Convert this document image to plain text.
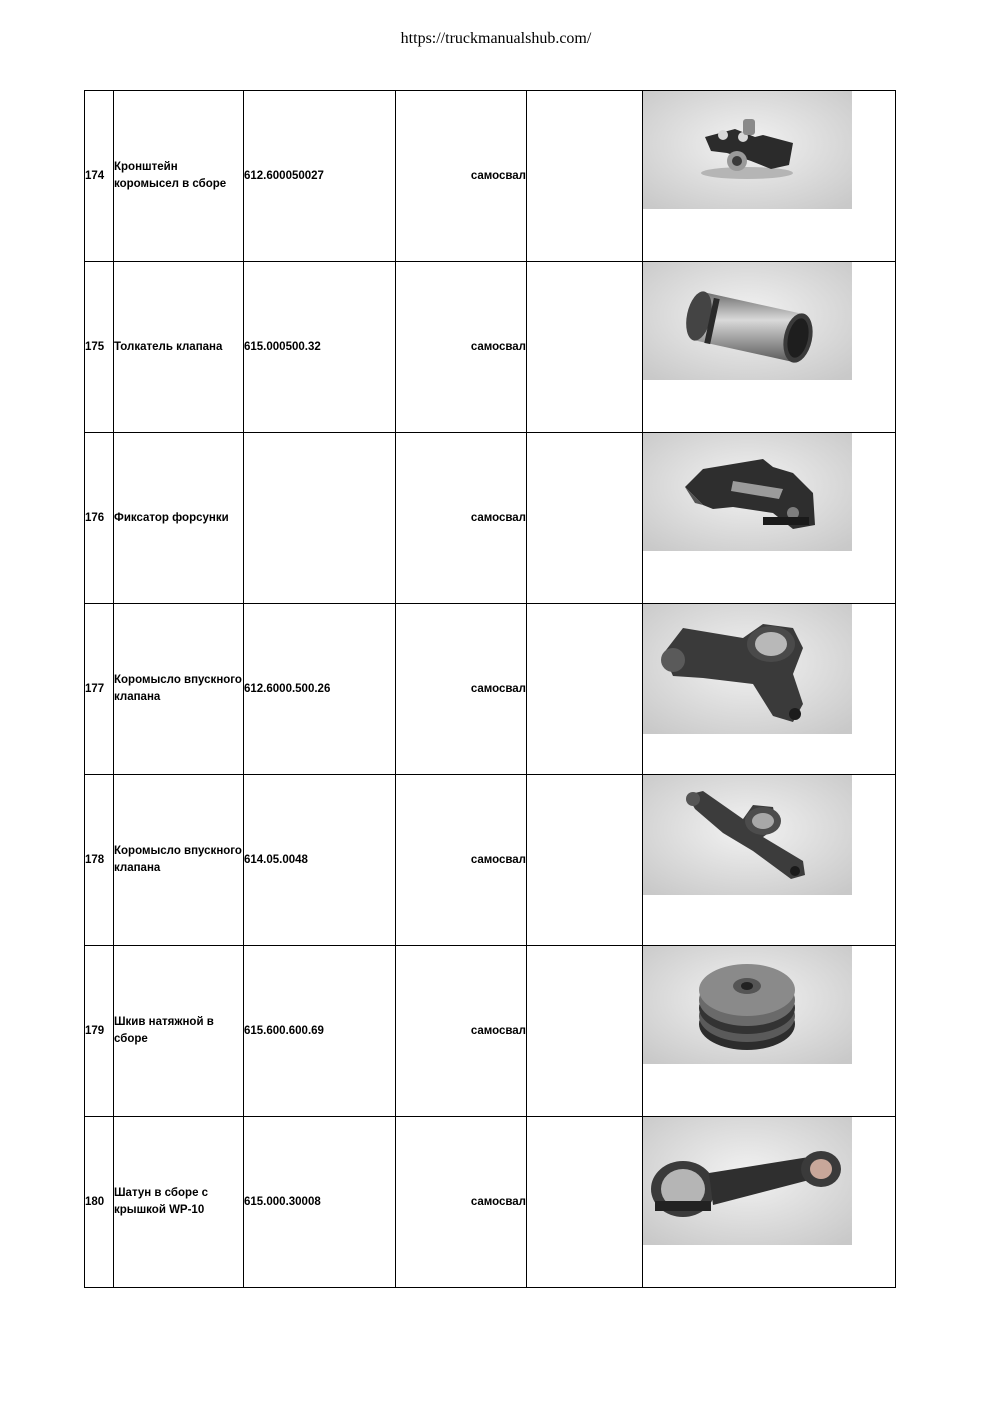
https://truckmanualshub.com/
174	Кронштейн коромысел в сборе	612.600050027	самосвал		

175	Толкатель клапана	615.000500.32	самосвал		

176	Фиксатор форсунки		самосвал		

177	Коромысло впускного клапана	612.6000.500.26	самосвал		

178	Коромысло впускного клапана	614.05.0048	самосвал		

179	Шкив натяжной в сборе	615.600.600.69	самосвал		

180	Шатун в сборе с крышкой WP-10	615.000.30008	самосвал		
